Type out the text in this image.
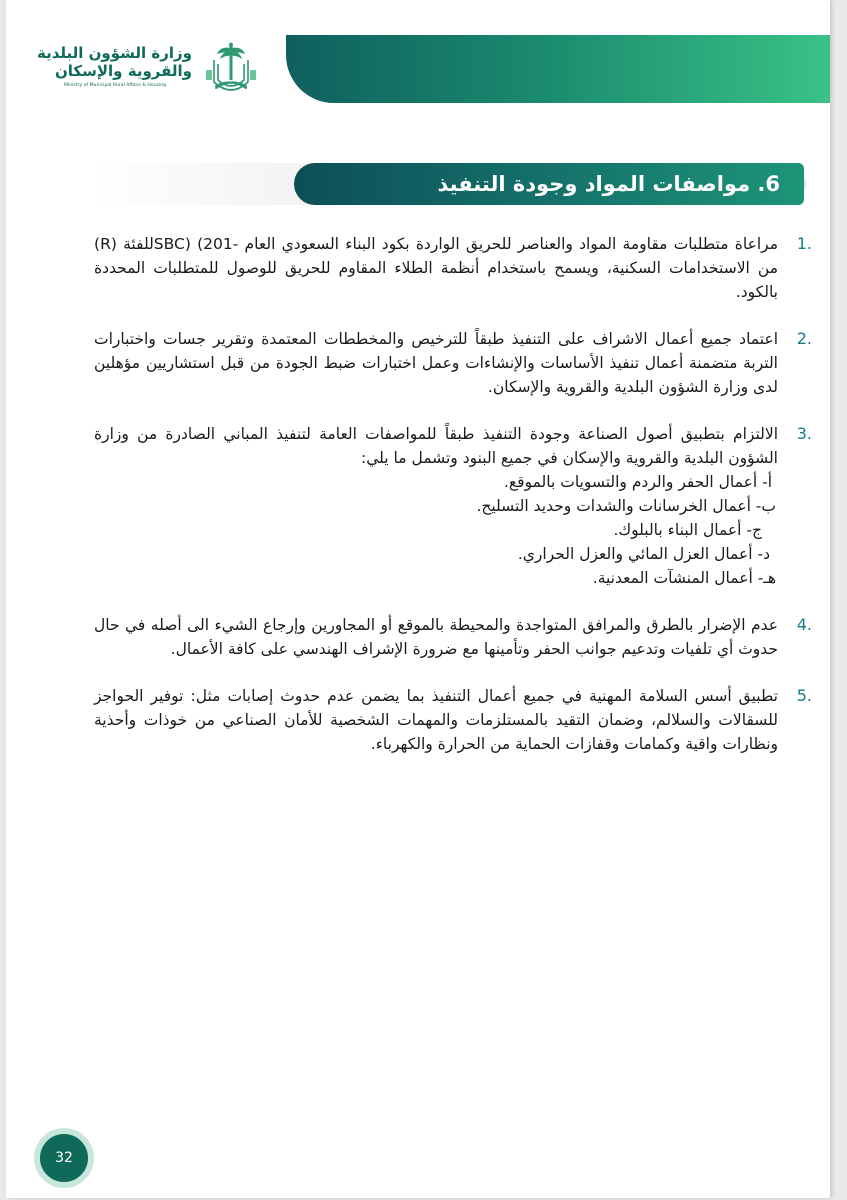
وزارة الشؤون البلدية
والقروية والإسكان
Ministry of Municipal Rural Affairs & Housing
6. مواصفات المواد وجودة التنفيذ
.1

مراعاة متطلبات مقاومة المواد والعناصر للحريق الواردة بكود البناء السعودي العام -SBC) (201للفئة (R) من الاستخدامات السكنية، ويسمح باستخدام أنظمة الطلاء المقاوم للحريق للوصول للمتطلبات المحددة بالكود.

.2

اعتماد جميع أعمال الاشراف على التنفيذ طبقاً للترخيص والمخططات المعتمدة وتقرير جسات واختبارات التربة متضمنة أعمال تنفيذ الأساسات والإنشاءات وعمل اختبارات ضبط الجودة من قبل استشاريين مؤهلين لدى وزارة الشؤون البلدية والقروية والإسكان.

.3

الالتزام بتطبيق أصول الصناعة وجودة التنفيذ طبقاً للمواصفات العامة لتنفيذ المباني الصادرة من وزارة الشؤون البلدية والقروية والإسكان في جميع البنود وتشمل ما يلي:

أ- أعمال الحفر والردم والتسويات بالموقع.
ب- أعمال الخرسانات والشدات وحديد التسليح.
ج- أعمال البناء بالبلوك.
د- أعمال العزل المائي والعزل الحراري.
هـ- أعمال المنشآت المعدنية.
.4

عدم الإضرار بالطرق والمرافق المتواجدة والمحيطة بالموقع أو المجاورين وإرجاع الشيء الى أصله في حال حدوث أي تلفيات وتدعيم جوانب الحفر وتأمينها مع ضرورة الإشراف الهندسي على كافة الأعمال.

.5

تطبيق أسس السلامة المهنية في جميع أعمال التنفيذ بما يضمن عدم حدوث إصابات مثل: توفير الحواجز للسقالات والسلالم، وضمان التقيد بالمستلزمات والمهمات الشخصية للأمان الصناعي من خوذات وأحذية ونظارات واقية وكمامات وقفازات الحماية من الحرارة والكهرباء.

32
